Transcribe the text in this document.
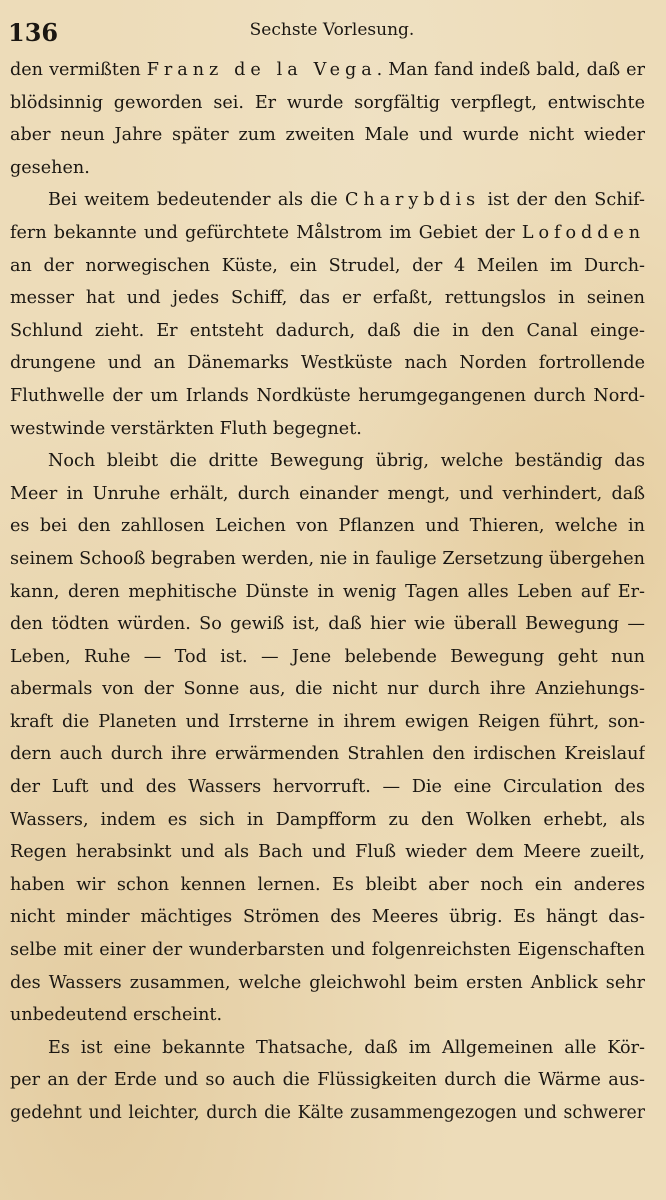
136	Sechste Vorlesung.
den vermißten Franz de la Vega. Man fand indeß bald, daß er
blödsinnig geworden sei. Er wurde sorgfältig verpflegt, entwischte
aber neun Jahre später zum zweiten Male und wurde nicht wieder
gesehen.
Bei weitem bedeutender als die Charybdis ist der den Schif-
fern bekannte und gefürchtete Målstrom im Gebiet der Lofodden
an der norwegischen Küste, ein Strudel, der 4 Meilen im Durch-
messer hat und jedes Schiff, das er erfaßt, rettungslos in seinen
Schlund zieht. Er entsteht dadurch, daß die in den Canal einge-
drungene und an Dänemarks Westküste nach Norden fortrollende
Fluthwelle der um Irlands Nordküste herumgegangenen durch Nord-
westwinde verstärkten Fluth begegnet.
Noch bleibt die dritte Bewegung übrig, welche beständig das
Meer in Unruhe erhält, durch einander mengt, und verhindert, daß
es bei den zahllosen Leichen von Pflanzen und Thieren, welche in
seinem Schooß begraben werden, nie in faulige Zersetzung übergehen
kann, deren mephitische Dünste in wenig Tagen alles Leben auf Er-
den tödten würden. So gewiß ist, daß hier wie überall Bewegung —
Leben, Ruhe — Tod ist. — Jene belebende Bewegung geht nun
abermals von der Sonne aus, die nicht nur durch ihre Anziehungs-
kraft die Planeten und Irrsterne in ihrem ewigen Reigen führt, son-
dern auch durch ihre erwärmenden Strahlen den irdischen Kreislauf
der Luft und des Wassers hervorruft. — Die eine Circulation des
Wassers, indem es sich in Dampfform zu den Wolken erhebt, als
Regen herabsinkt und als Bach und Fluß wieder dem Meere zueilt,
haben wir schon kennen lernen. Es bleibt aber noch ein anderes
nicht minder mächtiges Strömen des Meeres übrig. Es hängt das-
selbe mit einer der wunderbarsten und folgenreichsten Eigenschaften
des Wassers zusammen, welche gleichwohl beim ersten Anblick sehr
unbedeutend erscheint.
Es ist eine bekannte Thatsache, daß im Allgemeinen alle Kör-
per an der Erde und so auch die Flüssigkeiten durch die Wärme aus-
gedehnt und leichter, durch die Kälte zusammengezogen und schwerer
